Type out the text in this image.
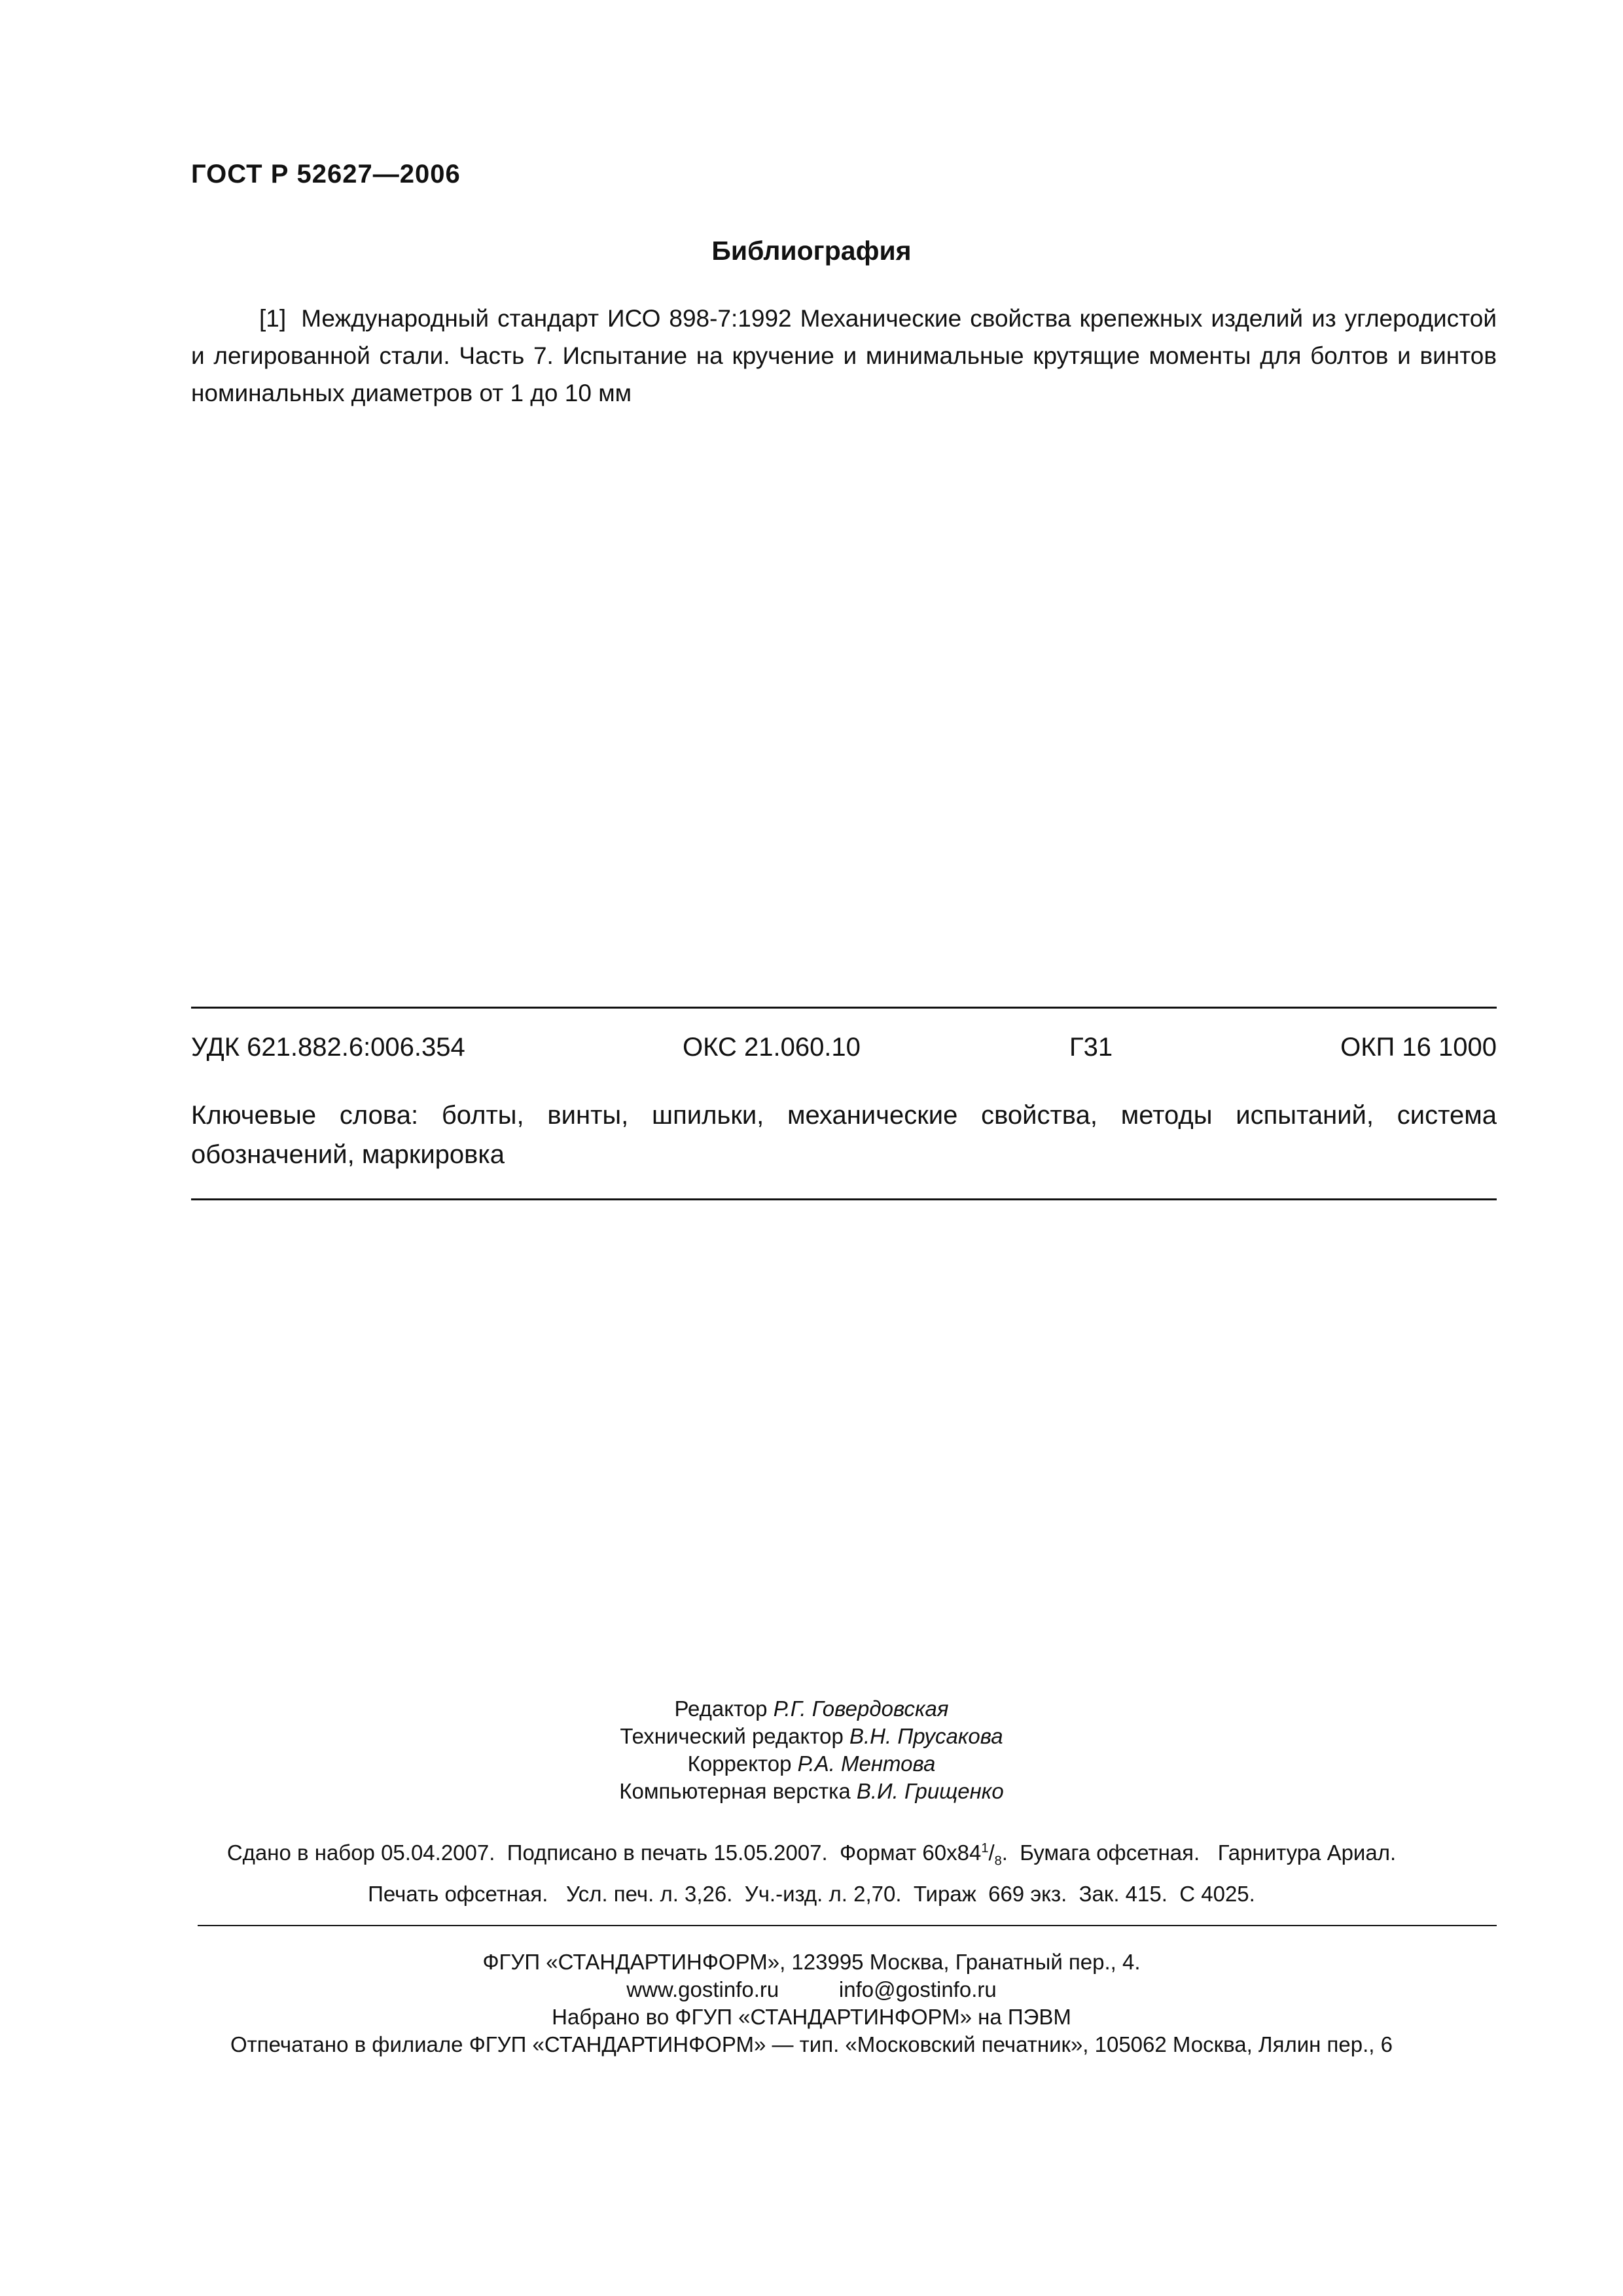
ГОСТ Р 52627—2006
Библиография
[1] Международный стандарт ИСО 898-7:1992 Механические свойства крепежных изделий из углеродистой и легированной стали. Часть 7. Испытание на кручение и минимальные крутящие моменты для болтов и винтов номинальных диаметров от 1 до 10 мм
УДК 621.882.6:006.354	ОКС 21.060.10	Г31	ОКП 16 1000
Ключевые слова: болты, винты, шпильки, механические свойства, методы испытаний, система обозначений, маркировка
Редактор Р.Г. Говердовская
Технический редактор В.Н. Прусакова
Корректор Р.А. Ментова
Компьютерная верстка В.И. Грищенко
Сдано в набор 05.04.2007.  Подписано в печать 15.05.2007.  Формат $60x84^1/_8$.  Бумага офсетная.   Гарнитура Ариал.
Печать офсетная.   Усл. печ. л. 3,26.  Уч.-изд. л. 2,70.  Тираж  669 экз.  Зак. 415.  С 4025.
ФГУП «СТАНДАРТИНФОРМ», 123995 Москва, Гранатный пер., 4.
www.gostinfo.ru	info@gostinfo.ru
Набрано во ФГУП «СТАНДАРТИНФОРМ» на ПЭВМ
Отпечатано в филиале ФГУП «СТАНДАРТИНФОРМ» — тип. «Московский печатник», 105062 Москва, Лялин пер., 6
